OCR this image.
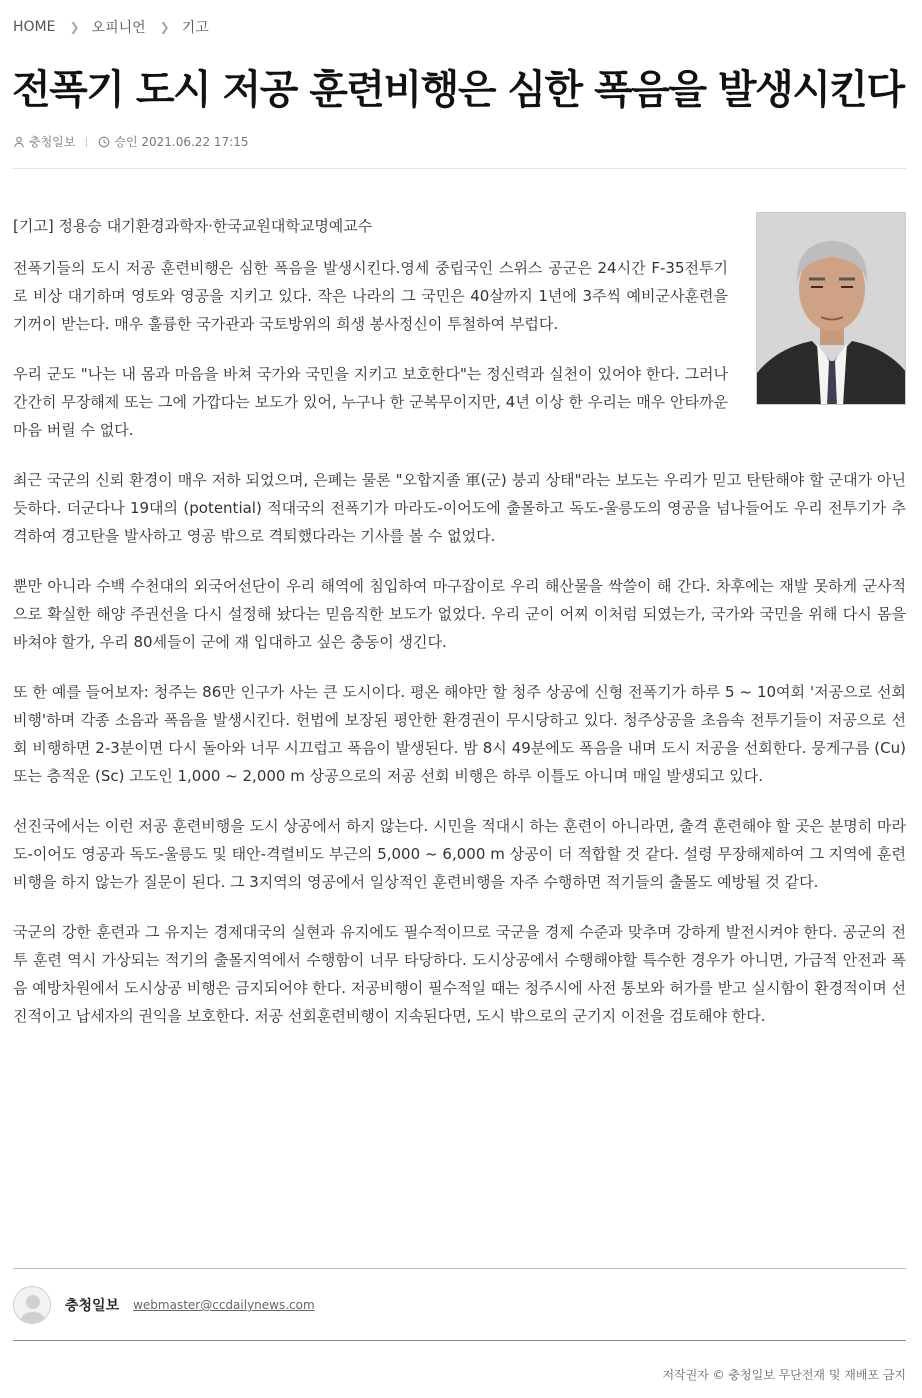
HOME ❯ 오피니언 ❯ 기고
전폭기 도시 저공 훈련비행은 심한 폭음을 발생시킨다
충청일보	승인 2021.06.22 17:15

[기고] 정용승 대기환경과학자·한국교원대학교명예교수

전폭기들의 도시 저공 훈련비행은 심한 폭음을 발생시킨다.영세 중립국인 스위스 공군은 24시간 F-35전투기로 비상 대기하며 영토와 영공을 지키고 있다. 작은 나라의 그 국민은 40살까지 1년에 3주씩 예비군사훈련을 기꺼이 받는다. 매우 훌륭한 국가관과 국토방위의 희생 봉사정신이 투철하여 부럽다.

우리 군도 "나는 내 몸과 마음을 바쳐 국가와 국민을 지키고 보호한다"는 정신력과 실천이 있어야 한다. 그러나 간간히 무장해제 또는 그에 가깝다는 보도가 있어, 누구나 한 군복무이지만, 4년 이상 한 우리는 매우 안타까운 마음 버릴 수 없다.

최근 국군의 신뢰 환경이 매우 저하 되었으며, 은폐는 물론 "오합지졸 軍(군) 붕괴 상태"라는 보도는 우리가 믿고 탄탄해야 할 군대가 아닌 듯하다. 더군다나 19대의 (potential) 적대국의 전폭기가 마라도-이어도에 출몰하고 독도-울릉도의 영공을 넘나들어도 우리 전투기가 추격하여 경고탄을 발사하고 영공 밖으로 격퇴했다라는 기사를 볼 수 없었다.

뿐만 아니라 수백 수천대의 외국어선단이 우리 해역에 침입하여 마구잡이로 우리 해산물을 싹쓸이 해 간다. 차후에는 재발 못하게 군사적으로 확실한 해양 주권선을 다시 설정해 놨다는 믿음직한 보도가 없었다. 우리 군이 어찌 이처럼 되였는가, 국가와 국민을 위해 다시 몸을 바쳐야 할가, 우리 80세들이 군에 재 입대하고 싶은 충동이 생긴다.

또 한 예를 들어보자: 청주는 86만 인구가 사는 큰 도시이다. 평온 해야만 할 청주 상공에 신형 전폭기가 하루 5 ~ 10여회 '저공으로 선회 비행'하며 각종 소음과 폭음을 발생시킨다. 헌법에 보장된 평안한 환경권이 무시당하고 있다. 청주상공을 초음속 전투기들이 저공으로 선회 비행하면 2-3분이면 다시 돌아와 너무 시끄럽고 폭음이 발생된다. 밤 8시 49분에도 폭음을 내며 도시 저공을 선회한다. 뭉게구름 (Cu) 또는 층적운 (Sc) 고도인 1,000 ~ 2,000 m 상공으로의 저공 선회 비행은 하루 이틀도 아니며 매일 발생되고 있다.

선진국에서는 이런 저공 훈련비행을 도시 상공에서 하지 않는다. 시민을 적대시 하는 훈련이 아니라면, 출격 훈련해야 할 곳은 분명히 마라도-이어도 영공과 독도-울릉도 및 태안-격렬비도 부근의 5,000 ~ 6,000 m 상공이 더 적합할 것 같다. 설령 무장해제하여 그 지역에 훈련비행을 하지 않는가 질문이 된다. 그 3지역의 영공에서 일상적인 훈련비행을 자주 수행하면 적기들의 출몰도 예방될 것 같다.

국군의 강한 훈련과 그 유지는 경제대국의 실현과 유지에도 필수적이므로 국군을 경제 수준과 맞추며 강하게 발전시켜야 한다. 공군의 전투 훈련 역시 가상되는 적기의 출몰지역에서 수행함이 너무 타당하다. 도시상공에서 수행해야할 특수한 경우가 아니면, 가급적 안전과 폭음 예방차원에서 도시상공 비행은 금지되어야 한다. 저공비행이 필수적일 때는 청주시에 사전 통보와 허가를 받고 실시함이 환경적이며 선진적이고 납세자의 권익을 보호한다. 저공 선회훈련비행이 지속된다면, 도시 밖으로의 군기지 이전을 검토해야 한다.

충청일보 webmaster@ccdailynews.com
저작권자 © 충청일보 무단전재 및 재배포 금지
